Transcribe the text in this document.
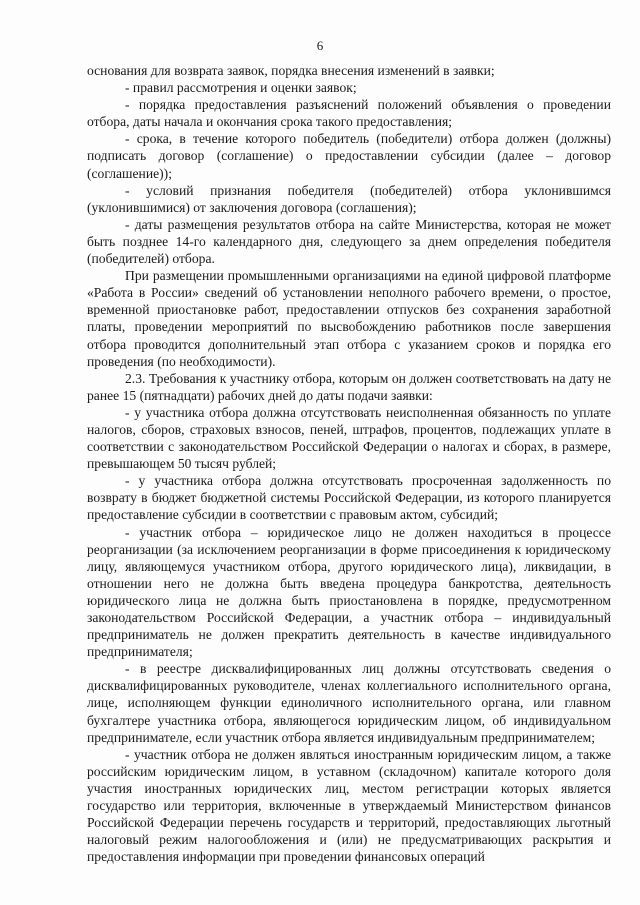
6

основания для возврата заявок, порядка внесения изменений в заявки;

- правил рассмотрения и оценки заявок;

- порядка предоставления разъяснений положений объявления о проведении отбора, даты начала и окончания срока такого предоставления;

- срока, в течение которого победитель (победители) отбора должен (должны) подписать договор (соглашение) о предоставлении субсидии (далее – договор (соглашение));

- условий признания победителя (победителей) отбора уклонившимся (уклонившимися) от заключения договора (соглашения);

- даты размещения результатов отбора на сайте Министерства, которая не может быть позднее 14-го календарного дня, следующего за днем определения победителя (победителей) отбора.

При размещении промышленными организациями на единой цифровой платформе «Работа в России» сведений об установлении неполного рабочего времени, о простое, временной приостановке работ, предоставлении отпусков без сохранения заработной платы, проведении мероприятий по высвобождению работников после завершения отбора проводится дополнительный этап отбора с указанием сроков и порядка его проведения (по необходимости).

2.3. Требования к участнику отбора, которым он должен соответствовать на дату не ранее 15 (пятнадцати) рабочих дней до даты подачи заявки:

- у участника отбора должна отсутствовать неисполненная обязанность по уплате налогов, сборов, страховых взносов, пеней, штрафов, процентов, подлежащих уплате в соответствии с законодательством Российской Федерации о налогах и сборах, в размере, превышающем 50 тысяч рублей;

- у участника отбора должна отсутствовать просроченная задолженность по возврату в бюджет бюджетной системы Российской Федерации, из которого планируется предоставление субсидии в соответствии с правовым актом, субсидий;

- участник отбора – юридическое лицо не должен находиться в процессе реорганизации (за исключением реорганизации в форме присоединения к юридическому лицу, являющемуся участником отбора, другого юридического лица), ликвидации, в отношении него не должна быть введена процедура банкротства, деятельность юридического лица не должна быть приостановлена в порядке, предусмотренном законодательством Российской Федерации, а участник отбора – индивидуальный предприниматель не должен прекратить деятельность в качестве индивидуального предпринимателя;

- в реестре дисквалифицированных лиц должны отсутствовать сведения о дисквалифицированных руководителе, членах коллегиального исполнительного органа, лице, исполняющем функции единоличного исполнительного органа, или главном бухгалтере участника отбора, являющегося юридическим лицом, об индивидуальном предпринимателе, если участник отбора является индивидуальным предпринимателем;

- участник отбора не должен являться иностранным юридическим лицом, а также российским юридическим лицом, в уставном (складочном) капитале которого доля участия иностранных юридических лиц, местом регистрации которых является государство или территория, включенные в утверждаемый Министерством финансов Российской Федерации перечень государств и территорий, предоставляющих льготный налоговый режим налогообложения и (или) не предусматривающих раскрытия и предоставления информации при проведении финансовых операций
